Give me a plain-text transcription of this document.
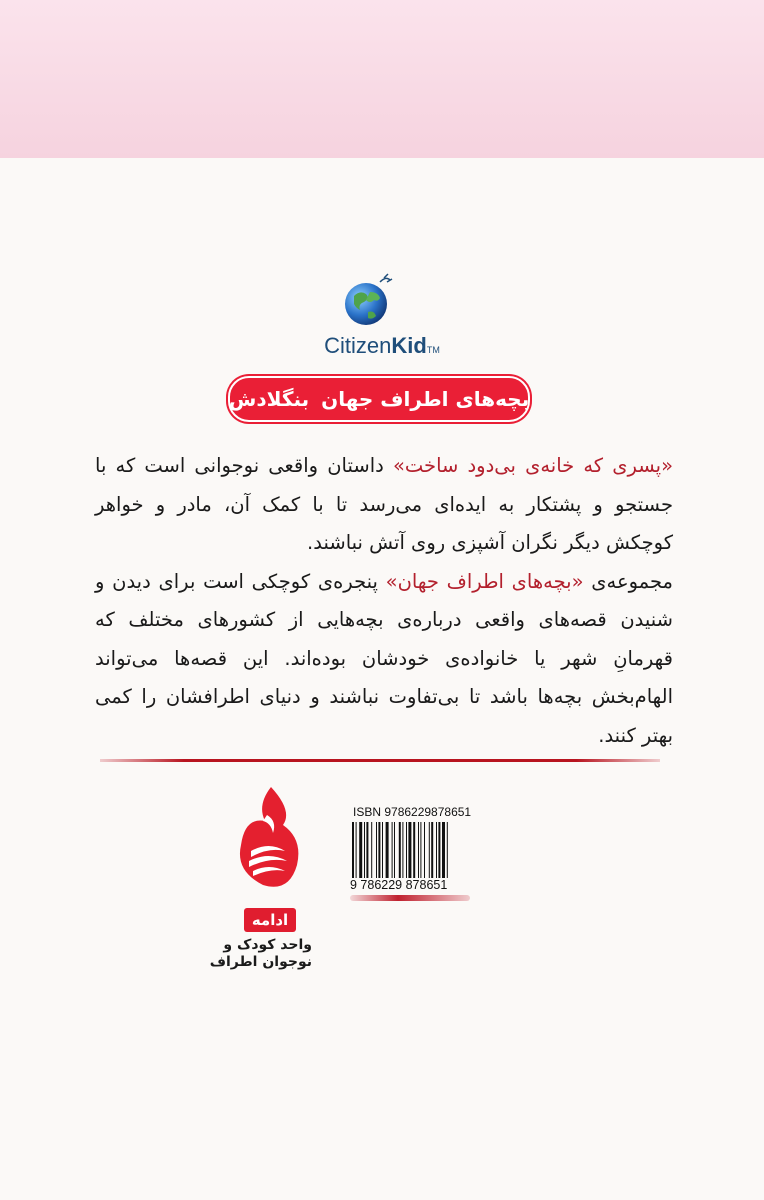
CitizenKidTM
بچه‌های اطراف جهان
بنگلادش

«پسری که خانه‌ی بی‌دود ساخت» داستان واقعی نوجوانی است که با جستجو و پشتکار به ایده‌ای می‌رسد تا با کمک آن، مادر و خواهر کوچکش دیگر نگران آشپزی روی آتش نباشند.

مجموعه‌ی «بچه‌های اطراف جهان» پنجره‌ی کوچکی است برای دیدن و شنیدن قصه‌های واقعی درباره‌ی بچه‌هایی از کشورهای مختلف که قهرمانِ شهر یا خانواده‌ی خودشان بوده‌اند. این قصه‌ها می‌تواند الهام‌بخش بچه‌ها باشد تا بی‌تفاوت نباشند و دنیای اطرافشان را کمی بهتر کنند.

ادامه
واحد کودک و
نوجوان اطراف
ISBN 9786229878651
9 786229 878651
